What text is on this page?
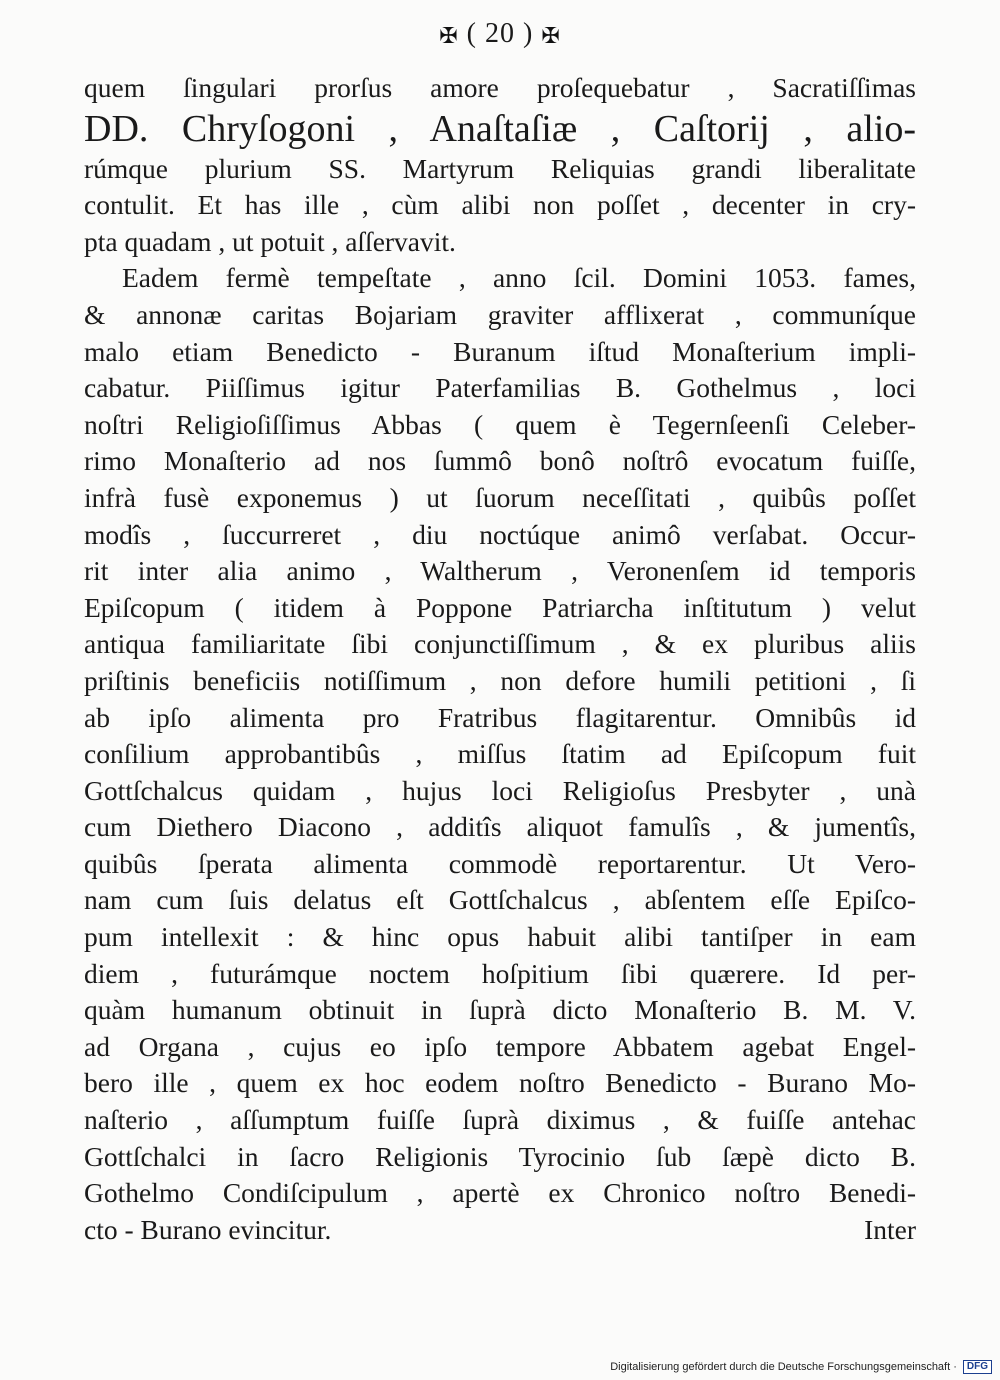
✠ ( 20 ) ✠
quem ſingulari prorſus amore proſequebatur , Sacratiſſimas
DD. Chryſogoni , Anaſtaſiæ , Caſtorij , alio-
rúmque plurium SS. Martyrum Reliquias grandi liberalitate
contulit. Et has ille , cùm alibi non poſſet , decenter in cry-
pta quadam , ut potuit , aſſervavit.
Eadem fermè tempeſtate , anno ſcil. Domini 1053. fames,
& annonæ caritas Bojariam graviter afflixerat , communíque
malo etiam Benedicto - Buranum iſtud Monaſterium impli-
cabatur. Piiſſimus igitur Paterfamilias B. Gothelmus , loci
noſtri Religioſiſſimus Abbas ( quem è Tegernſeenſi Celeber-
rimo Monaſterio ad nos ſummô bonô noſtrô evocatum fuiſſe,
infrà fusè exponemus ) ut ſuorum neceſſitati , quibûs poſſet
modîs , ſuccurreret , diu noctúque animô verſabat. Occur-
rit inter alia animo , Waltherum , Veronenſem id temporis
Epiſcopum ( itidem à Poppone Patriarcha inſtitutum ) velut
antiqua familiaritate ſibi conjunctiſſimum , & ex pluribus aliis
priſtinis beneficiis notiſſimum , non defore humili petitioni , ſi
ab ipſo alimenta pro Fratribus flagitarentur. Omnibûs id
conſilium approbantibûs , miſſus ſtatim ad Epiſcopum fuit
Gottſchalcus quidam , hujus loci Religioſus Presbyter , unà
cum Diethero Diacono , additîs aliquot famulîs , & jumentîs,
quibûs ſperata alimenta commodè reportarentur. Ut Vero-
nam cum ſuis delatus eſt Gottſchalcus , abſentem eſſe Epiſco-
pum intellexit : & hinc opus habuit alibi tantiſper in eam
diem , futurámque noctem hoſpitium ſibi quærere. Id per-
quàm humanum obtinuit in ſuprà dicto Monaſterio B. M. V.
ad Organa , cujus eo ipſo tempore Abbatem agebat Engel-
bero ille , quem ex hoc eodem noſtro Benedicto - Burano Mo-
naſterio , aſſumptum fuiſſe ſuprà diximus , & fuiſſe antehac
Gottſchalci in ſacro Religionis Tyrocinio ſub ſæpè dicto B.
Gothelmo Condiſcipulum , apertè ex Chronico noſtro Benedi-
cto - Burano evincitur.	Inter
Digitalisierung gefördert durch die Deutsche Forschungsgemeinschaft ·	DFG
